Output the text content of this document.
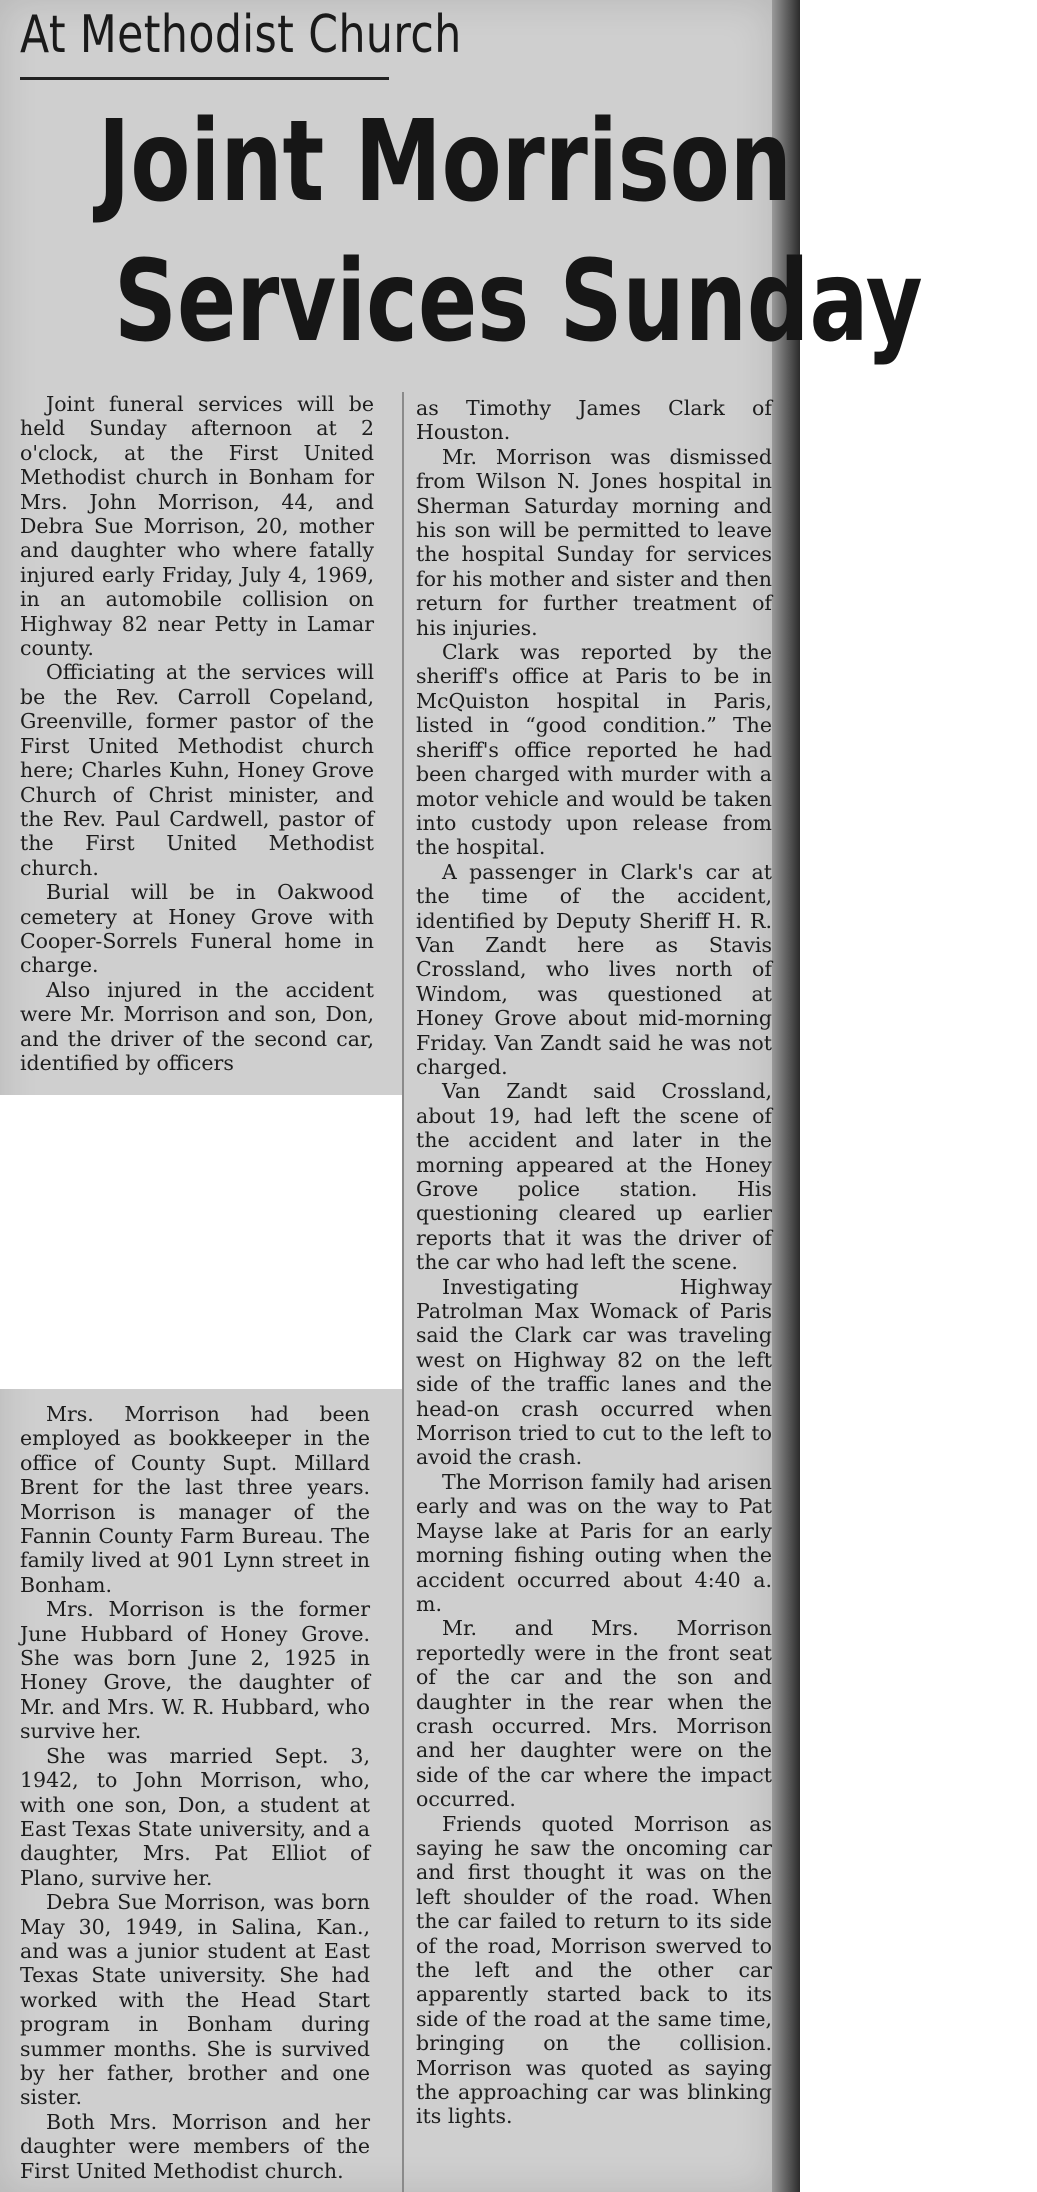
At Methodist Church
Joint Morrison
Services Sunday

Joint funeral services will be held Sunday afternoon at 2 o'clock, at the First United Methodist church in Bonham for Mrs. John Morrison, 44, and Debra Sue Morrison, 20, mother and daughter who where fatally injured early Friday, July 4, 1969, in an automobile collision on Highway 82 near Petty in Lamar county.

Officiating at the services will be the Rev. Carroll Copeland, Greenville, former pastor of the First United Methodist church here; Charles Kuhn, Honey Grove Church of Christ minister, and the Rev. Paul Cardwell, pastor of the First United Methodist church.

Burial will be in Oakwood cemetery at Honey Grove with Cooper-Sorrels Funeral home in charge.

Also injured in the accident were Mr. Morrison and son, Don, and the driver of the second car, identified by officers

Mrs. Morrison had been employed as bookkeeper in the office of County Supt. Millard Brent for the last three years. Morrison is manager of the Fannin County Farm Bureau. The family lived at 901 Lynn street in Bonham.

Mrs. Morrison is the former June Hubbard of Honey Grove. She was born June 2, 1925 in Honey Grove, the daughter of Mr. and Mrs. W. R. Hubbard, who survive her.

She was married Sept. 3, 1942, to John Morrison, who, with one son, Don, a student at East Texas State university, and a daughter, Mrs. Pat Elliot of Plano, survive her.

Debra Sue Morrison, was born May 30, 1949, in Salina, Kan., and was a junior student at East Texas State university. She had worked with the Head Start program in Bonham during summer months. She is survived by her father, brother and one sister.

Both Mrs. Morrison and her daughter were members of the First United Methodist church.

as Timothy James Clark of Houston.

Mr. Morrison was dismissed from Wilson N. Jones hospital in Sherman Saturday morning and his son will be permitted to leave the hospital Sunday for services for his mother and sister and then return for further treatment of his injuries.

Clark was reported by the sheriff's office at Paris to be in McQuiston hospital in Paris, listed in “good condition.” The sheriff's office reported he had been charged with murder with a motor vehicle and would be taken into custody upon release from the hospital.

A passenger in Clark's car at the time of the accident, identified by Deputy Sheriff H. R. Van Zandt here as Stavis Crossland, who lives north of Windom, was questioned at Honey Grove about mid-morning Friday. Van Zandt said he was not charged.

Van Zandt said Crossland, about 19, had left the scene of the accident and later in the morning appeared at the Honey Grove police station. His questioning cleared up earlier reports that it was the driver of the car who had left the scene.

Investigating Highway Patrolman Max Womack of Paris said the Clark car was traveling west on Highway 82 on the left side of the traffic lanes and the head-on crash occurred when Morrison tried to cut to the left to avoid the crash.

The Morrison family had arisen early and was on the way to Pat Mayse lake at Paris for an early morning fishing outing when the accident occurred about 4:40 a. m.

Mr. and Mrs. Morrison reportedly were in the front seat of the car and the son and daughter in the rear when the crash occurred. Mrs. Morrison and her daughter were on the side of the car where the impact occurred.

Friends quoted Morrison as saying he saw the oncoming car and first thought it was on the left shoulder of the road. When the car failed to return to its side of the road, Morrison swerved to the left and the other car apparently started back to its side of the road at the same time, bringing on the collision. Morrison was quoted as saying the approaching car was blinking its lights.
